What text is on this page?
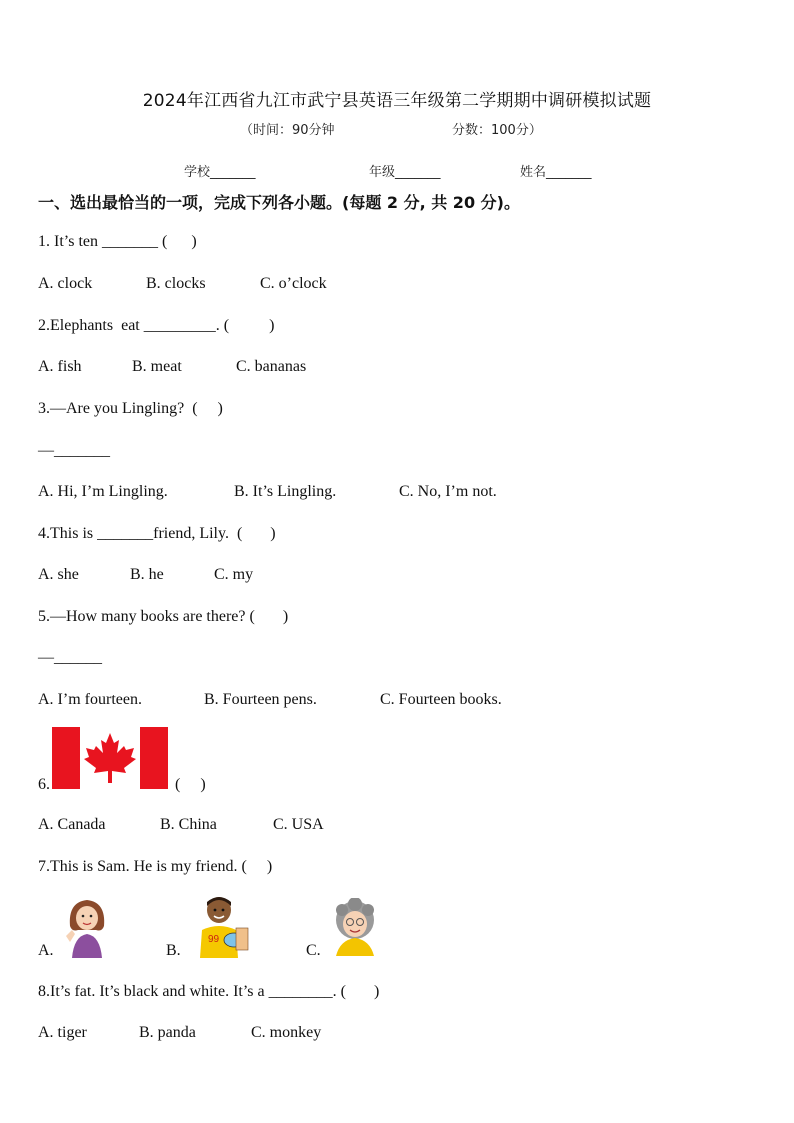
2024年江西省九江市武宁县英语三年级第二学期期中调研模拟试题
（时间：90分钟	分数：100分）
学校_______	年级_______	姓名_______
一、选出最恰当的一项，完成下列各小题。(每题 2 分, 共 20 分)。
1. It’s ten _______ (      )
A. clock	B. clocks	C. o’clock
2.Elephants  eat _________. (          )
A. fish	B. meat	C. bananas
3.—Are you Lingling?  (     )
—_______
A. Hi, I’m Lingling.	B. It’s Lingling.	C. No, I’m not.
4.This is _______friend, Lily.  (       )
A. she	B. he	C. my
5.—How many books are there? (       )
—______
A. I’m fourteen.	B. Fourteen pens.	C. Fourteen books.
6.	(     )
A. Canada	B. China	C. USA
7.This is Sam. He is my friend. (     )
A.	B.
99
C.
8.It’s fat. It’s black and white. It’s a ________. (       )
A. tiger	B. panda	C. monkey
